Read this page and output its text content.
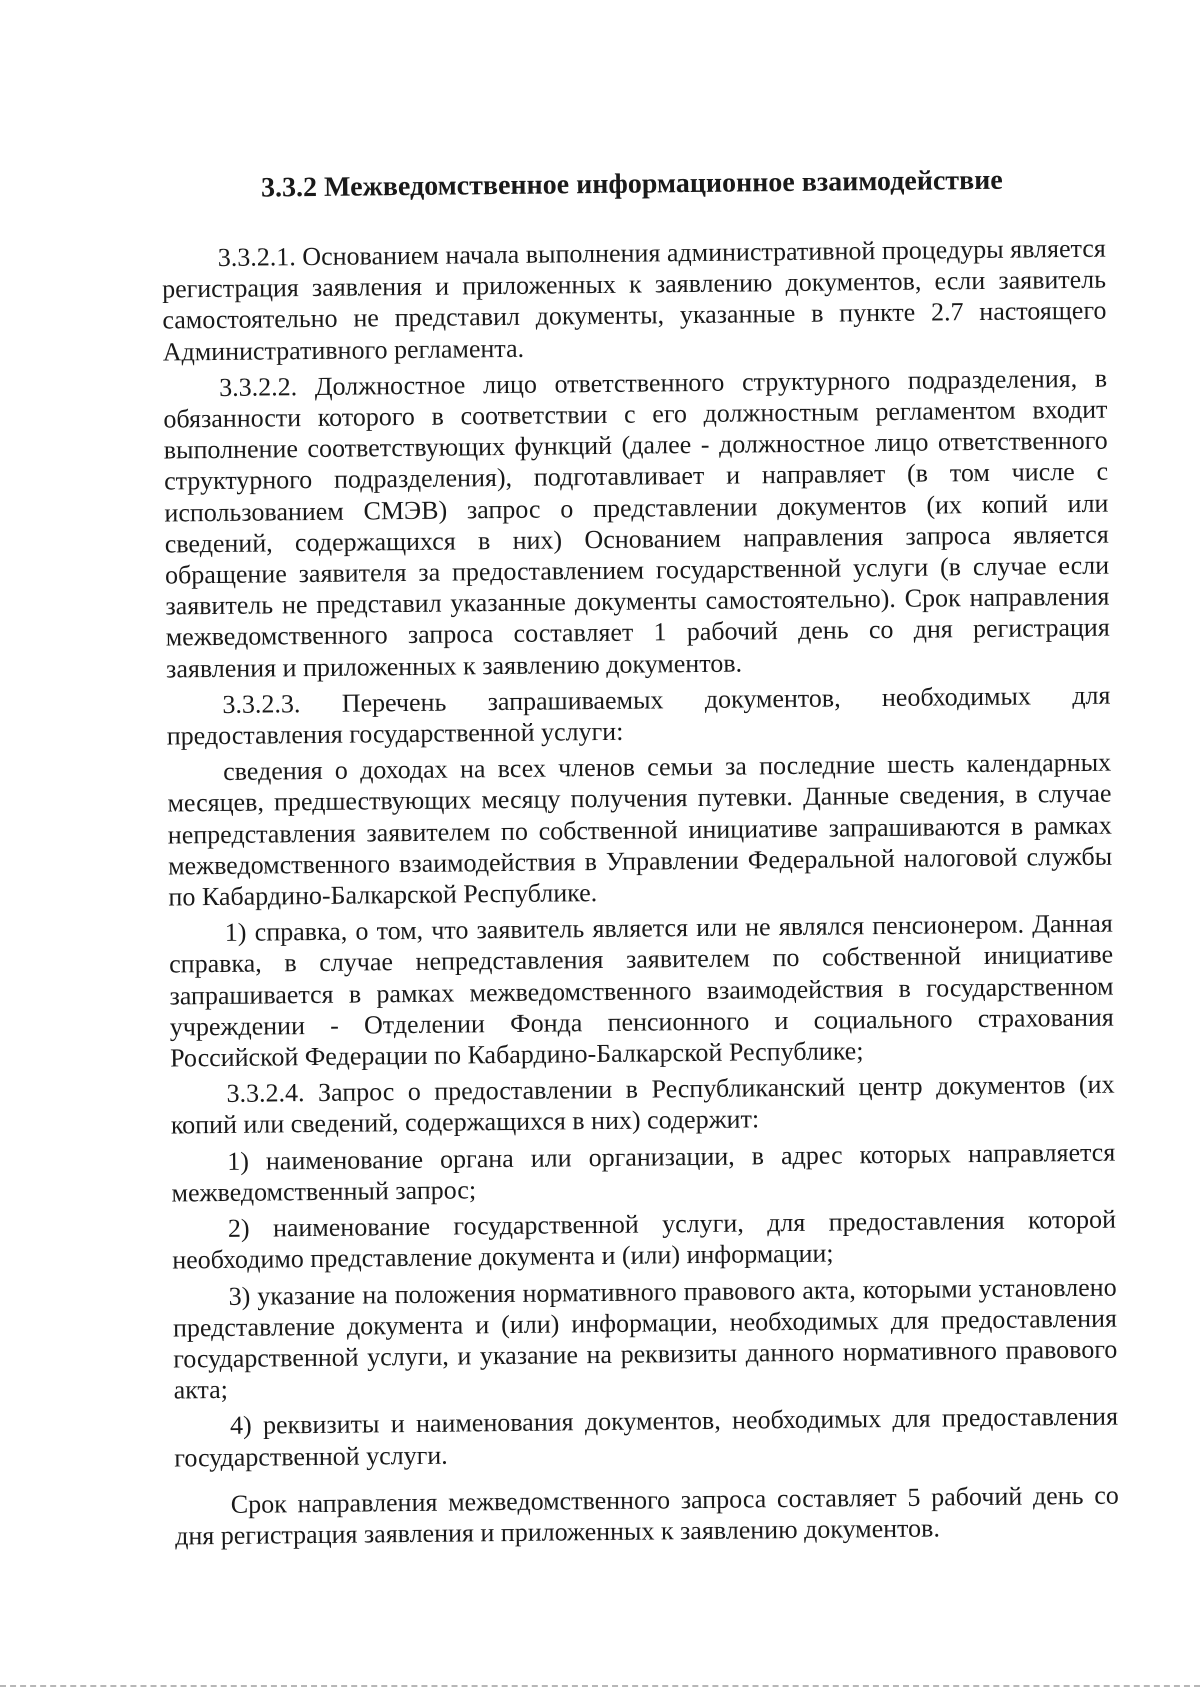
3.3.2 Межведомственное информационное взаимодействие

3.3.2.1. Основанием начала выполнения административной процедуры является регистрация заявления и приложенных к заявлению документов, если заявитель самостоятельно не представил документы, указанные в пункте 2.7 настоящего Административного регламента.

3.3.2.2. Должностное лицо ответственного структурного подразделения, в обязанности которого в соответствии с его должностным регламентом входит выполнение соответствующих функций (далее - должностное лицо ответственного структурного подразделения), подготавливает и направляет (в том числе с использованием СМЭВ) запрос о представлении документов (их копий или сведений, содержащихся в них) Основанием направления запроса является обращение заявителя за предоставлением государственной услуги (в случае если заявитель не представил указанные документы самостоятельно). Срок направления межведомственного запроса составляет 1 рабочий день со дня регистрация заявления и приложенных к заявлению документов.

3.3.2.3. Перечень запрашиваемых документов, необходимых для предоставления государственной услуги:

сведения о доходах на всех членов семьи за последние шесть календарных месяцев, предшествующих месяцу получения путевки. Данные сведения, в случае непредставления заявителем по собственной инициативе запрашиваются в рамках межведомственного взаимодействия в Управлении Федеральной налоговой службы по Кабардино-Балкарской Республике.

1) справка, о том, что заявитель является или не являлся пенсионером. Данная справка, в случае непредставления заявителем по собственной инициативе запрашивается в рамках межведомственного взаимодействия в государственном учреждении - Отделении Фонда пенсионного и социального страхования Российской Федерации по Кабардино-Балкарской Республике;

3.3.2.4. Запрос о предоставлении в Республиканский центр документов (их копий или сведений, содержащихся в них) содержит:

1) наименование органа или организации, в адрес которых направляется межведомственный запрос;

2) наименование государственной услуги, для предоставления которой необходимо представление документа и (или) информации;

3) указание на положения нормативного правового акта, которыми установлено представление документа и (или) информации, необходимых для предоставления государственной услуги, и указание на реквизиты данного нормативного правового акта;

4) реквизиты и наименования документов, необходимых для предоставления государственной услуги.

Срок направления межведомственного запроса составляет 5 рабочий день со дня регистрация заявления и приложенных к заявлению документов.
